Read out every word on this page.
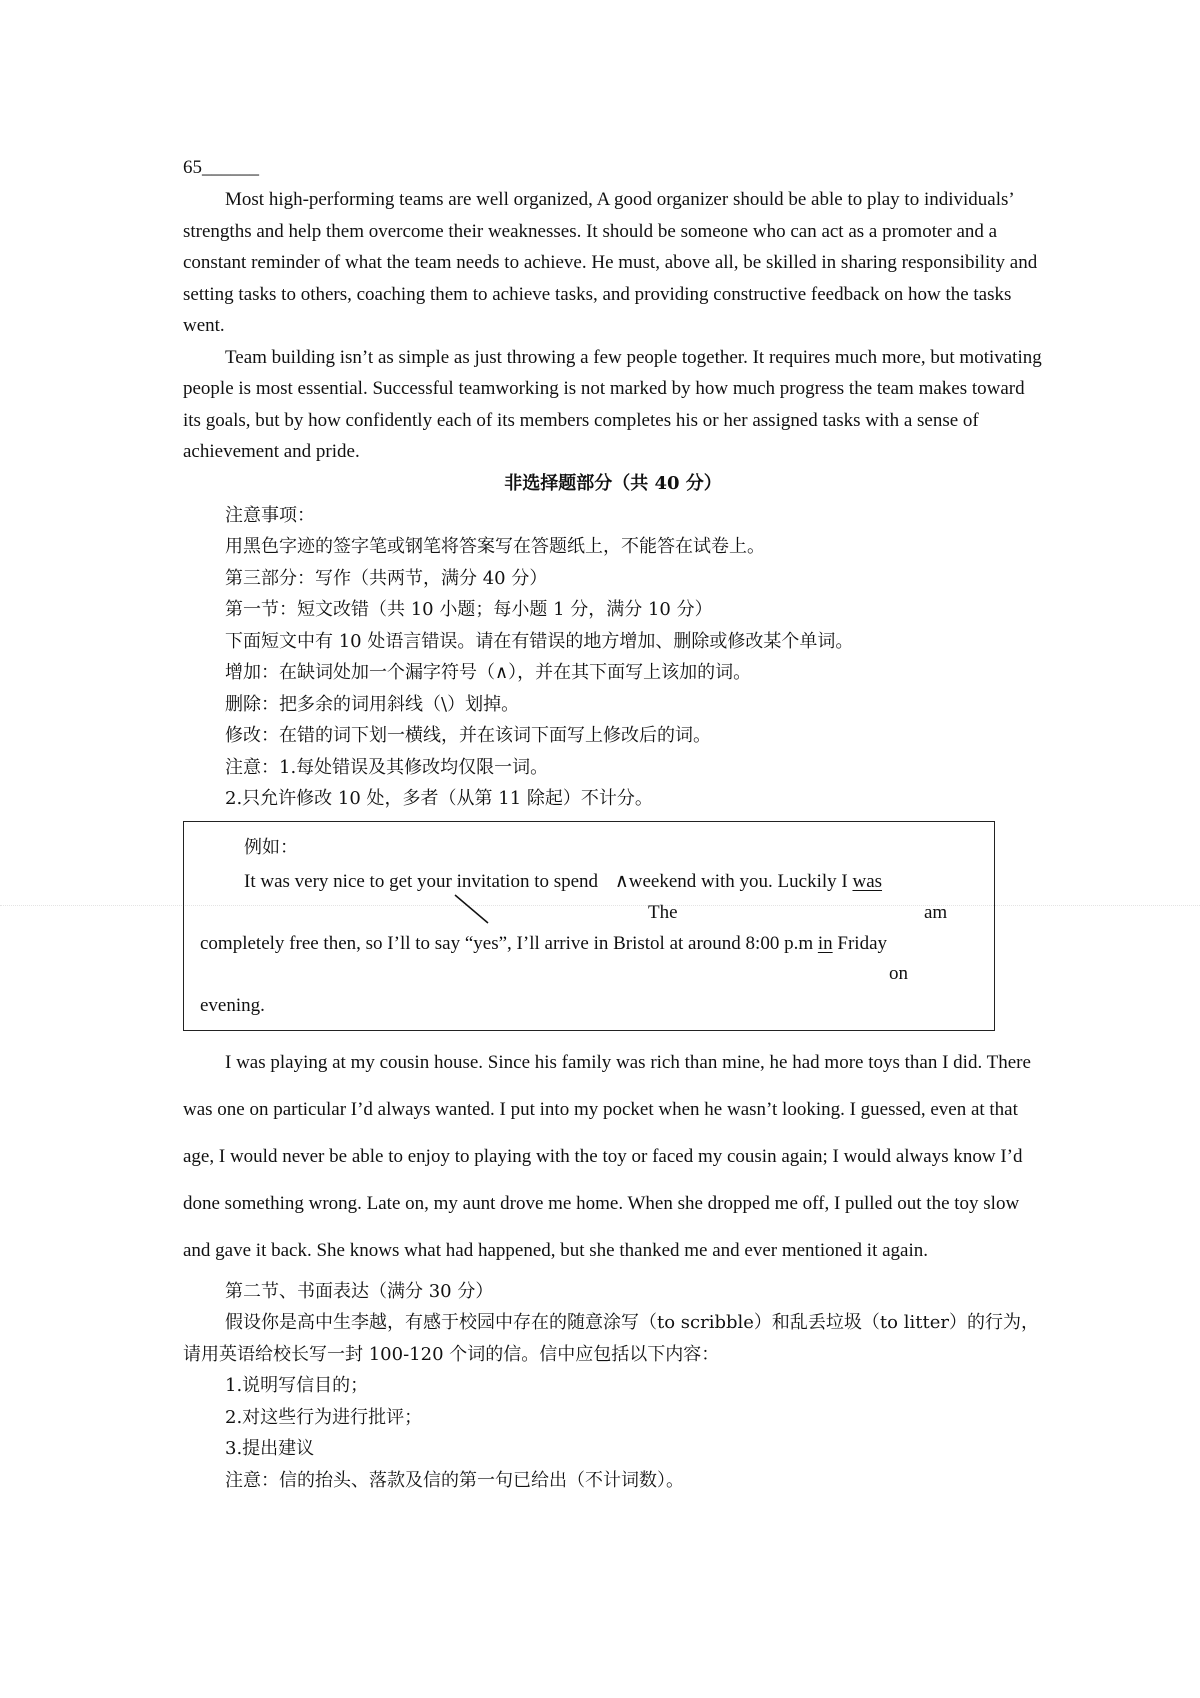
65______

Most high-performing teams are well organized, A good organizer should be able to play to individuals’ strengths and help them overcome their weaknesses. It should be someone who can act as a promoter and a constant reminder of what the team needs to achieve. He must, above all, be skilled in sharing responsibility and setting tasks to others, coaching them to achieve tasks, and providing constructive feedback on how the tasks went.

Team building isn’t as simple as just throwing a few people together. It requires much more, but motivating people is most essential. Successful teamworking is not marked by how much progress the team makes toward its goals, but by how confidently each of its members completes his or her assigned tasks with a sense of achievement and pride.

非选择题部分（共 40 分）

注意事项：

用黑色字迹的签字笔或钢笔将答案写在答题纸上，不能答在试卷上。

第三部分：写作（共两节，满分 40 分）

第一节：短文改错（共 10 小题；每小题 1 分，满分 10 分）

下面短文中有 10 处语言错误。请在有错误的地方增加、删除或修改某个单词。

增加：在缺词处加一个漏字符号（∧），并在其下面写上该加的词。

删除：把多余的词用斜线（\）划掉。

修改：在错的词下划一横线，并在该词下面写上修改后的词。

注意：1.每处错误及其修改均仅限一词。

2.只允许修改 10 处，多者（从第 11 除起）不计分。

例如：
It was very nice to get your invitation to spend ∧weekend with you. Luckily I was
The	am
completely free then, so I’ll to say “yes”, I’ll arrive in Bristol at around 8:00 p.m in Friday
on
evening.

I was playing at my cousin house. Since his family was rich than mine, he had more toys than I did. There was one on particular I’d always wanted. I put into my pocket when he wasn’t looking. I guessed, even at that age, I would never be able to enjoy to playing with the toy or faced my cousin again; I would always know I’d done something wrong. Late on, my aunt drove me home. When she dropped me off, I pulled out the toy slow and gave it back. She knows what had happened, but she thanked me and ever mentioned it again.

第二节、书面表达（满分 30 分）

假设你是高中生李越，有感于校园中存在的随意涂写（to scribble）和乱丢垃圾（to litter）的行为，请用英语给校长写一封 100-120 个词的信。信中应包括以下内容：

1.说明写信目的；

2.对这些行为进行批评；

3.提出建议

注意：信的抬头、落款及信的第一句已给出（不计词数）。
